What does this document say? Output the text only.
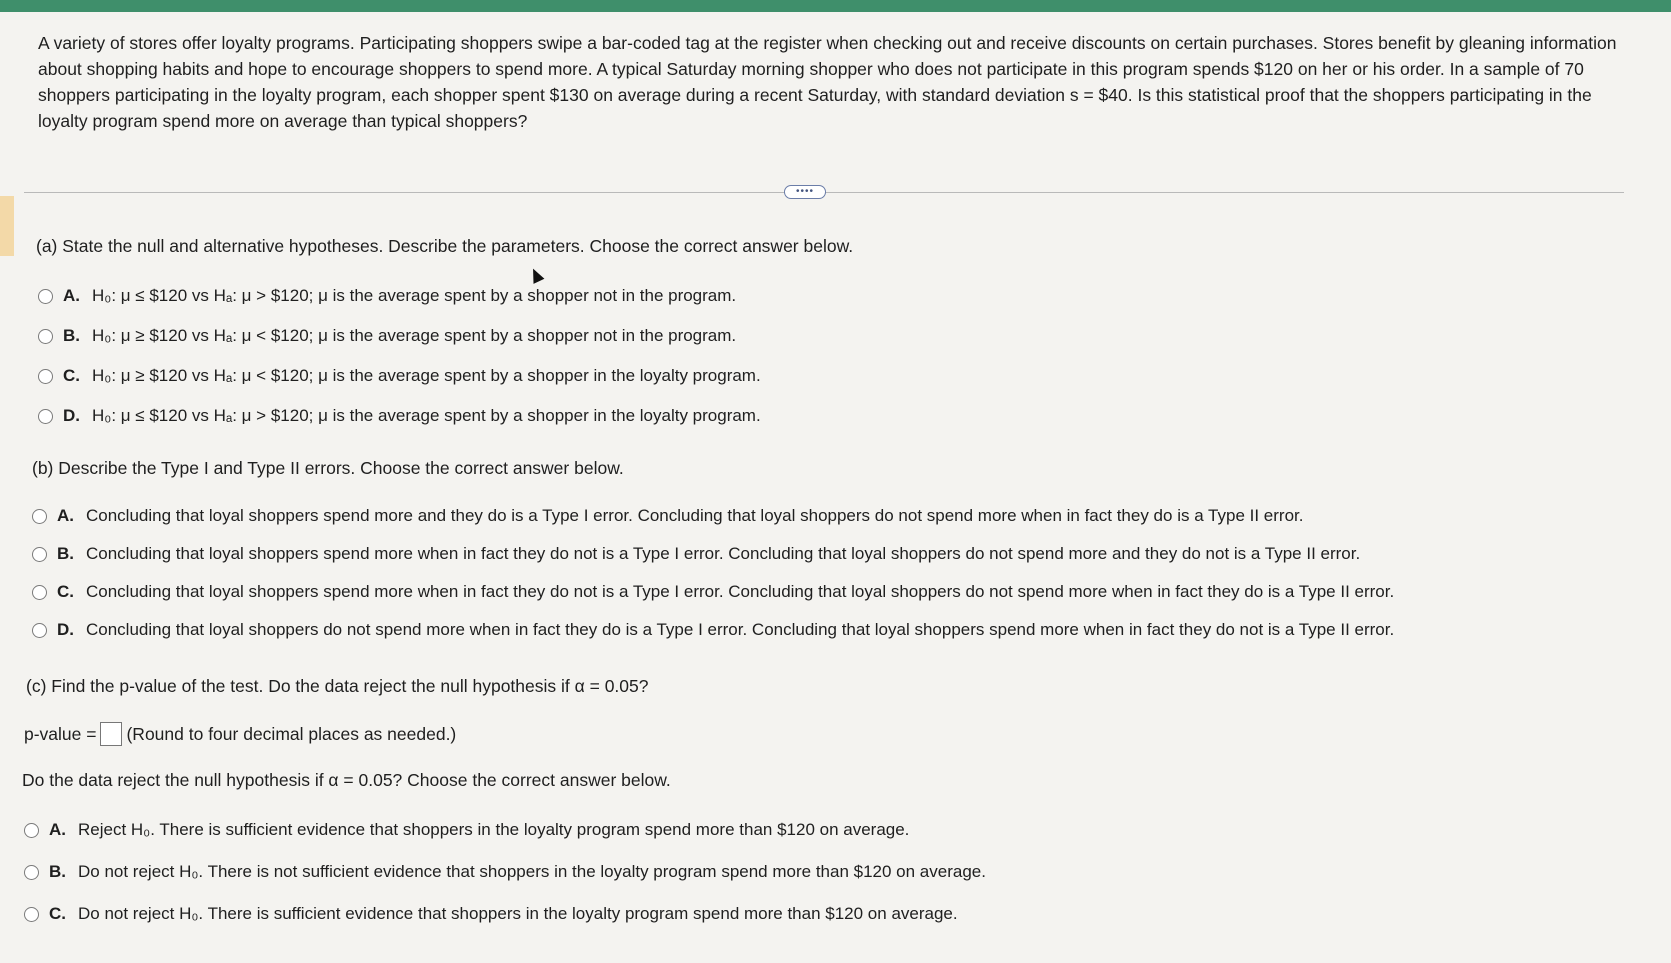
A variety of stores offer loyalty programs. Participating shoppers swipe a bar-coded tag at the register when checking out and receive discounts on certain purchases. Stores benefit by gleaning information about shopping habits and hope to encourage shoppers to spend more. A typical Saturday morning shopper who does not participate in this program spends $120 on her or his order. In a sample of 70 shoppers participating in the loyalty program, each shopper spent $130 on average during a recent Saturday, with standard deviation s = $40. Is this statistical proof that the shoppers participating in the loyalty program spend more on average than typical shoppers?
••••
(a) State the null and alternative hypotheses. Describe the parameters. Choose the correct answer below.
A. H₀: μ ≤ $120 vs Hₐ: μ > $120; μ is the average spent by a shopper not in the program.
B. H₀: μ ≥ $120 vs Hₐ: μ < $120; μ is the average spent by a shopper not in the program.
C. H₀: μ ≥ $120 vs Hₐ: μ < $120; μ is the average spent by a shopper in the loyalty program.
D. H₀: μ ≤ $120 vs Hₐ: μ > $120; μ is the average spent by a shopper in the loyalty program.
(b) Describe the Type I and Type II errors. Choose the correct answer below.
A. Concluding that loyal shoppers spend more and they do is a Type I error. Concluding that loyal shoppers do not spend more when in fact they do is a Type II error.
B. Concluding that loyal shoppers spend more when in fact they do not is a Type I error. Concluding that loyal shoppers do not spend more and they do not is a Type II error.
C. Concluding that loyal shoppers spend more when in fact they do not is a Type I error. Concluding that loyal shoppers do not spend more when in fact they do is a Type II error.
D. Concluding that loyal shoppers do not spend more when in fact they do is a Type I error. Concluding that loyal shoppers spend more when in fact they do not is a Type II error.
(c) Find the p-value of the test. Do the data reject the null hypothesis if α = 0.05?
p-value = (Round to four decimal places as needed.)
Do the data reject the null hypothesis if α = 0.05? Choose the correct answer below.
A. Reject H₀. There is sufficient evidence that shoppers in the loyalty program spend more than $120 on average.
B. Do not reject H₀. There is not sufficient evidence that shoppers in the loyalty program spend more than $120 on average.
C. Do not reject H₀. There is sufficient evidence that shoppers in the loyalty program spend more than $120 on average.
